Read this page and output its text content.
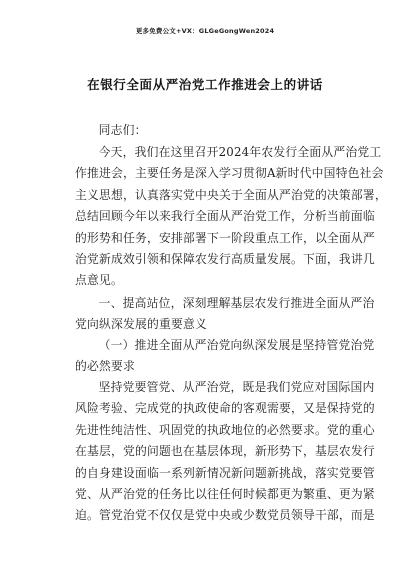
更多免费公文+VX：GLGeGongWen2024
在银行全面从严治党工作推进会上的讲话
同志们：
今天，我们在这里召开2024年农发行全面从严治党工
作推进会，主要任务是深入学习贯彻A新时代中国特色社会
主义思想，认真落实党中央关于全面从严治党的决策部署，
总结回顾今年以来我行全面从严治党工作，分析当前面临
的形势和任务，安排部署下一阶段重点工作，以全面从严
治党新成效引领和保障农发行高质量发展。下面，我讲几
点意见。
一、提高站位，深刻理解基层农发行推进全面从严治
党向纵深发展的重要意义
（一）推进全面从严治党向纵深发展是坚持管党治党
的必然要求
坚持党要管党、从严治党，既是我们党应对国际国内
风险考验、完成党的执政使命的客观需要，又是保持党的
先进性纯洁性、巩固党的执政地位的必然要求。党的重心
在基层，党的问题也在基层体现，新形势下，基层农发行
的自身建设面临一系列新情况新问题新挑战，落实党要管
党、从严治党的任务比以往任何时候都更为繁重、更为紧
迫。管党治党不仅仅是党中央或少数党员领导干部，而是
